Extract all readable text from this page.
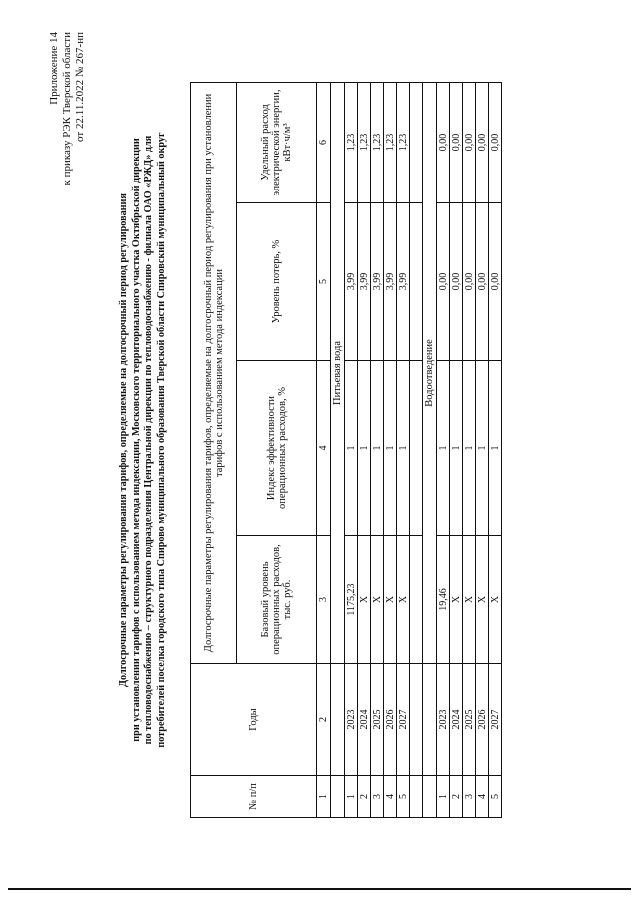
Приложение 14 к приказу РЭК Тверской области от 22.11.2022 № 267-нп
Долгосрочные параметры регулирования тарифов, определяемые на долгосрочный период регулирования при установлении тарифов с использованием метода индексации, Московского территориального участка Октябрьской дирекции по тепловодоснабжению – структурного подразделения Центральной дирекции по тепловодоснабжению - филиала ОАО «РЖД» для потребителей поселка городского типа Спирово муниципального образования Тверской области Спировский муниципальный округ
№ п/п	Годы	Долгосрочные параметры регулирования тарифов, определяемые на долгосрочный период регулирования при установлении тарифов с использованием метода индексации			
		Базовый уровень операционных расходов, тыс. руб.	Индекс эффективности операционных расходов, %	Уровень потерь, %	Удельный расход электрической энергии, кВт·ч/м³
1	2	3	4	5	6
		Питьевая вода			
1	2023	1175,23	1	3,99	1,23
2	2024	Х	1	3,99	1,23
3	2025	Х	1	3,99	1,23
4	2026	Х	1	3,99	1,23
5	2027	Х	1	3,99	1,23

		Водоотведение			
1	2023	19,46	1	0,00	0,00
2	2024	Х	1	0,00	0,00
3	2025	Х	1	0,00	0,00
4	2026	Х	1	0,00	0,00
5	2027	Х	1	0,00	0,00
